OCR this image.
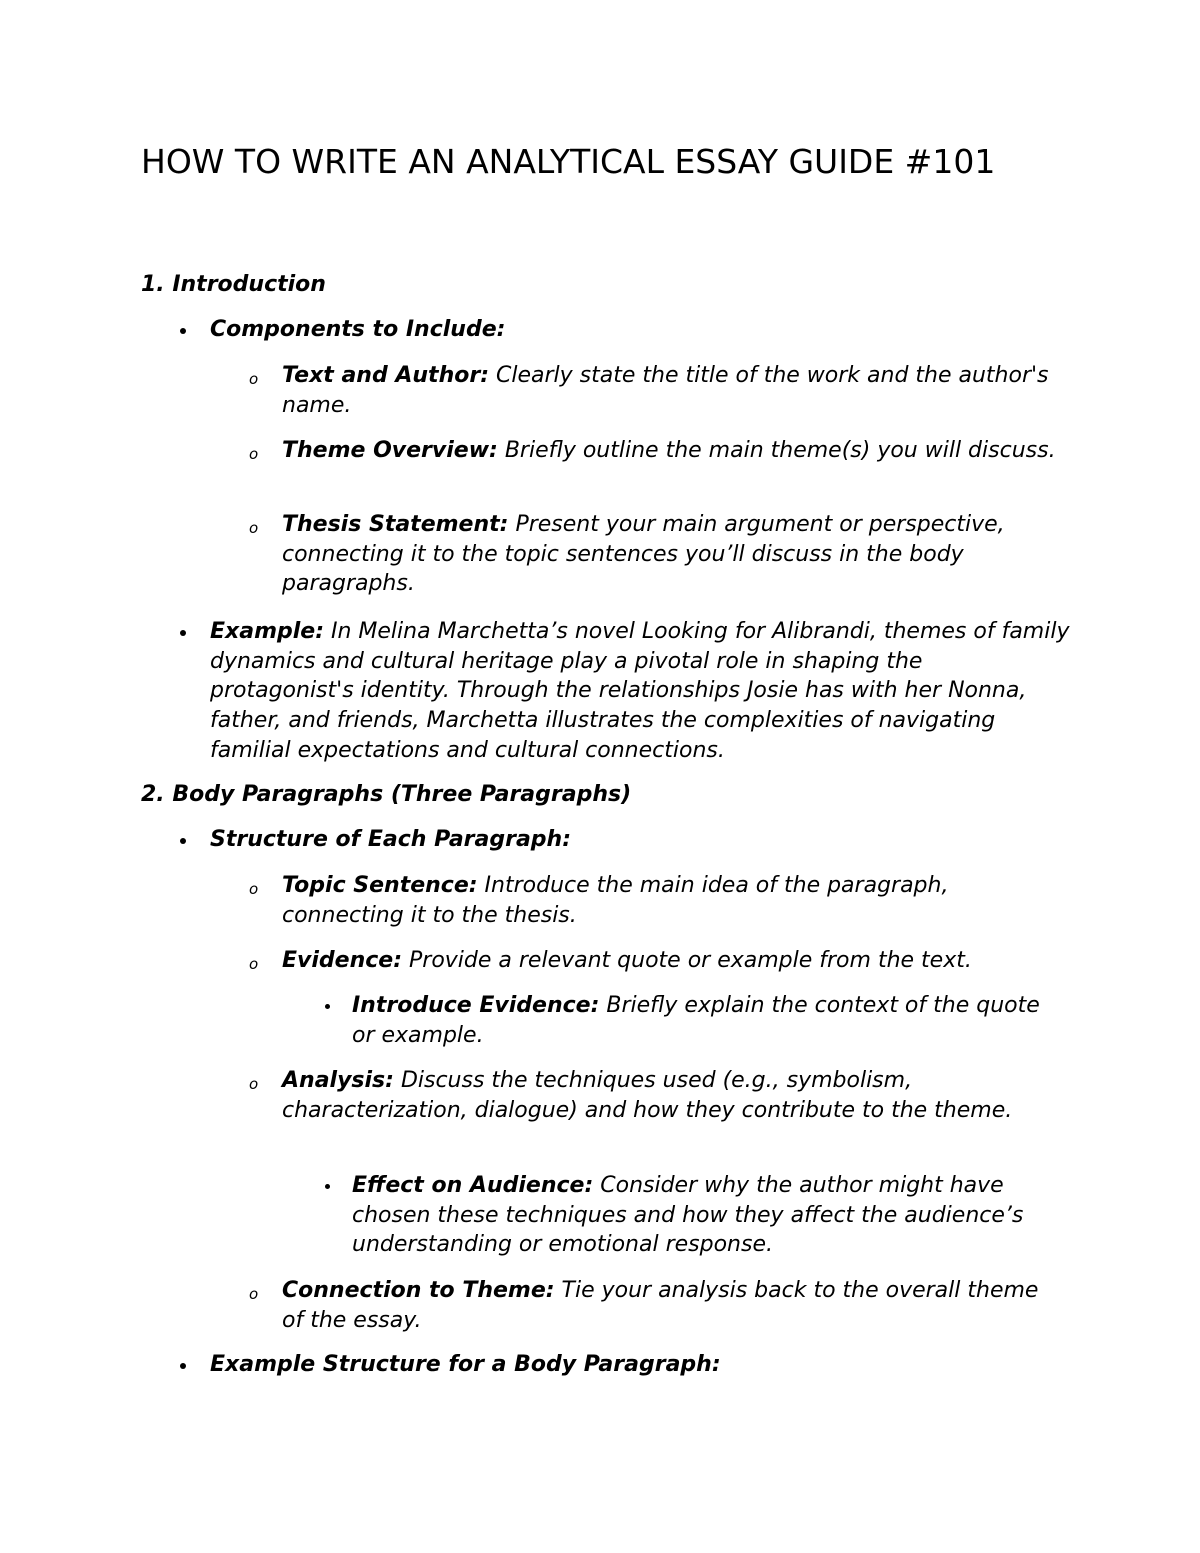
HOW TO WRITE AN ANALYTICAL ESSAY GUIDE #101
1. Introduction

Components to Include:

o Text and Author: Clearly state the title of the work and the author's name.

o Theme Overview: Briefly outline the main theme(s) you will discuss.

o Thesis Statement: Present your main argument or perspective, connecting it to the topic sentences you’ll discuss in the body paragraphs.

Example: In Melina Marchetta’s novel Looking for Alibrandi, themes of family dynamics and cultural heritage play a pivotal role in shaping the protagonist's identity. Through the relationships Josie has with her Nonna, father, and friends, Marchetta illustrates the complexities of navigating familial expectations and cultural connections.

2. Body Paragraphs (Three Paragraphs)

Structure of Each Paragraph:

o Topic Sentence: Introduce the main idea of the paragraph, connecting it to the thesis.

o Evidence: Provide a relevant quote or example from the text.

Introduce Evidence: Briefly explain the context of the quote or example.

o Analysis: Discuss the techniques used (e.g., symbolism, characterization, dialogue) and how they contribute to the theme.

Effect on Audience: Consider why the author might have chosen these techniques and how they affect the audience’s understanding or emotional response.

o Connection to Theme: Tie your analysis back to the overall theme of the essay.

Example Structure for a Body Paragraph:
